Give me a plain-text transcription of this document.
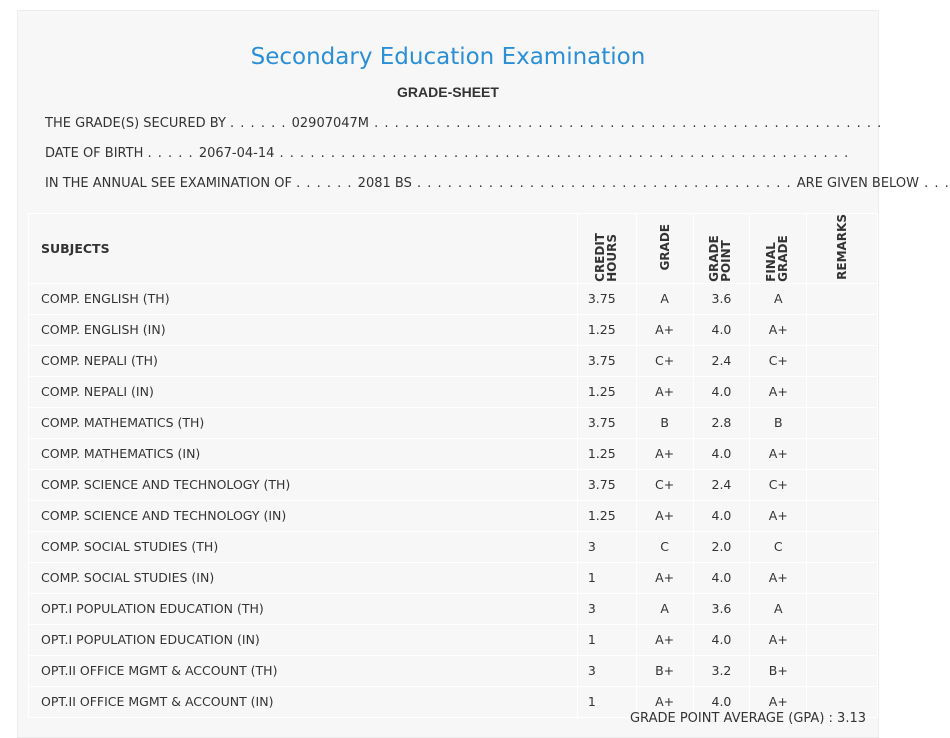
Secondary Education Examination
GRADE-SHEET
THE GRADE(S) SECURED BY . . . . . . 02907047M . . . . . . . . . . . . . . . . . . . . . . . . . . . . . . . . . . . . . . . . . . . . . . . . . .
DATE OF BIRTH . . . . . 2067-04-14 . . . . . . . . . . . . . . . . . . . . . . . . . . . . . . . . . . . . . . . . . . . . . . . . . . . . . . . .
IN THE ANNUAL SEE EXAMINATION OF . . . . . . 2081 BS . . . . . . . . . . . . . . . . . . . . . . . . . . . . . . . . . . . . . ARE GIVEN BELOW . . .
SUBJECTS	CREDIT HOURS	GRADE	GRADE POINT	FINAL GRADE	REMARKS
COMP. ENGLISH (TH)	3.75	A	3.6	A	
COMP. ENGLISH (IN)	1.25	A+	4.0	A+	
COMP. NEPALI (TH)	3.75	C+	2.4	C+	
COMP. NEPALI (IN)	1.25	A+	4.0	A+	
COMP. MATHEMATICS (TH)	3.75	B	2.8	B	
COMP. MATHEMATICS (IN)	1.25	A+	4.0	A+	
COMP. SCIENCE AND TECHNOLOGY (TH)	3.75	C+	2.4	C+	
COMP. SCIENCE AND TECHNOLOGY (IN)	1.25	A+	4.0	A+	
COMP. SOCIAL STUDIES (TH)	3	C	2.0	C	
COMP. SOCIAL STUDIES (IN)	1	A+	4.0	A+	
OPT.I POPULATION EDUCATION (TH)	3	A	3.6	A	
OPT.I POPULATION EDUCATION (IN)	1	A+	4.0	A+	
OPT.II OFFICE MGMT & ACCOUNT (TH)	3	B+	3.2	B+	
OPT.II OFFICE MGMT & ACCOUNT (IN)	1	A+	4.0	A+	
GRADE POINT AVERAGE (GPA) : 3.13
